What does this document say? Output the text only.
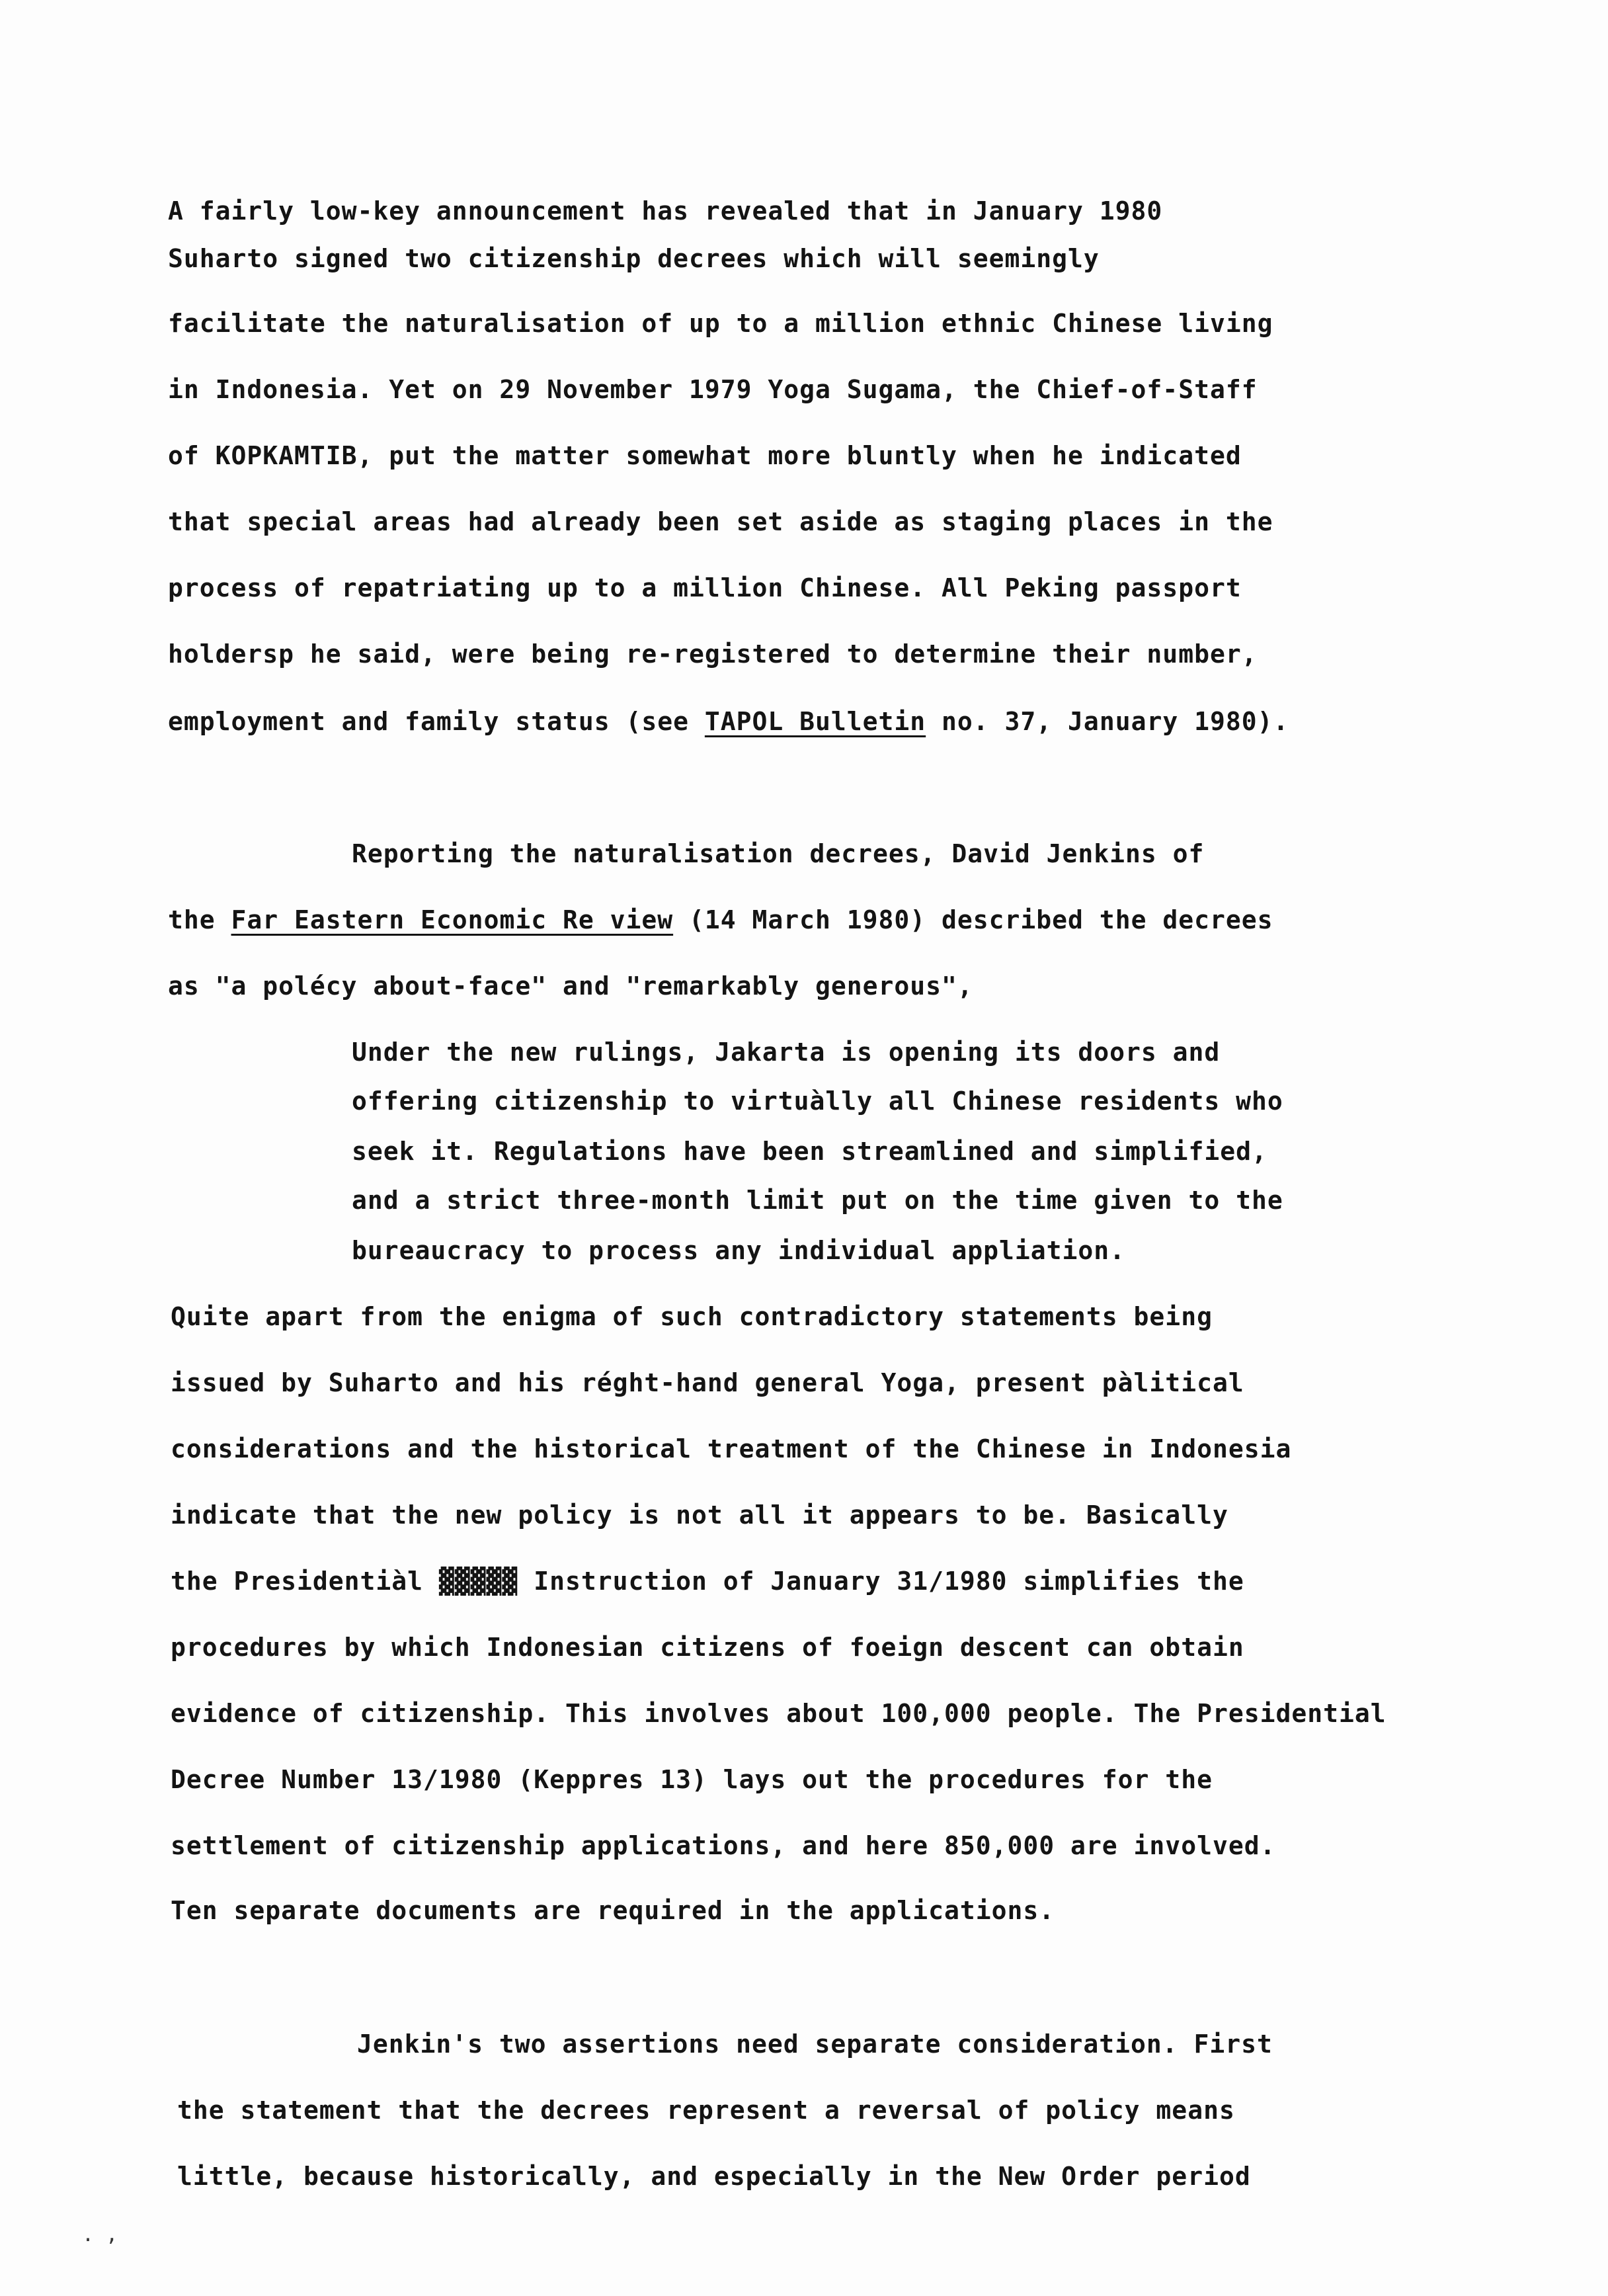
A fairly low-key announcement has revealed that in January 1980
Suharto signed two citizenship decrees which will seemingly
facilitate the naturalisation of up to a million ethnic Chinese living
in Indonesia. Yet on 29 November 1979 Yoga Sugama, the Chief-of-Staff
of KOPKAMTIB, put the matter somewhat more bluntly when he indicated
that special areas had already been set aside as staging places in the
process of repatriating up to a million Chinese. All Peking passport
holdersp he said, were being re-registered to determine their number,
employment and family status (see TAPOL Bulletin no. 37, January 1980).
Reporting the naturalisation decrees, David Jenkins of
the Far Eastern Economic Re view (14 March 1980) described the decrees
as "a polécy about-face" and "remarkably generous",
Under the new rulings, Jakarta is opening its doors and
offering citizenship to virtuàlly all Chinese residents who
seek it. Regulations have been streamlined and simplified,
and a strict three-month limit put on the time given to the
bureaucracy to process any individual appliation.
Quite apart from the enigma of such contradictory statements being
issued by Suharto and his réght-hand general Yoga, present pàlitical
considerations and the historical treatment of the Chinese in Indonesia
indicate that the new policy is not all it appears to be. Basically
the Presidentiàl ▓▓▓▓▓ Instruction of January 31/1980 simplifies the
procedures by which Indonesian citizens of foeign descent can obtain
evidence of citizenship. This involves about 100,000 people. The Presidential
Decree Number 13/1980 (Keppres 13) lays out the procedures for the
settlement of citizenship applications, and here 850,000 are involved.
Ten separate documents are required in the applications.
Jenkin's two assertions need separate consideration. First
the statement that the decrees represent a reversal of policy means
little, because historically, and especially in the New Order period
. ,
